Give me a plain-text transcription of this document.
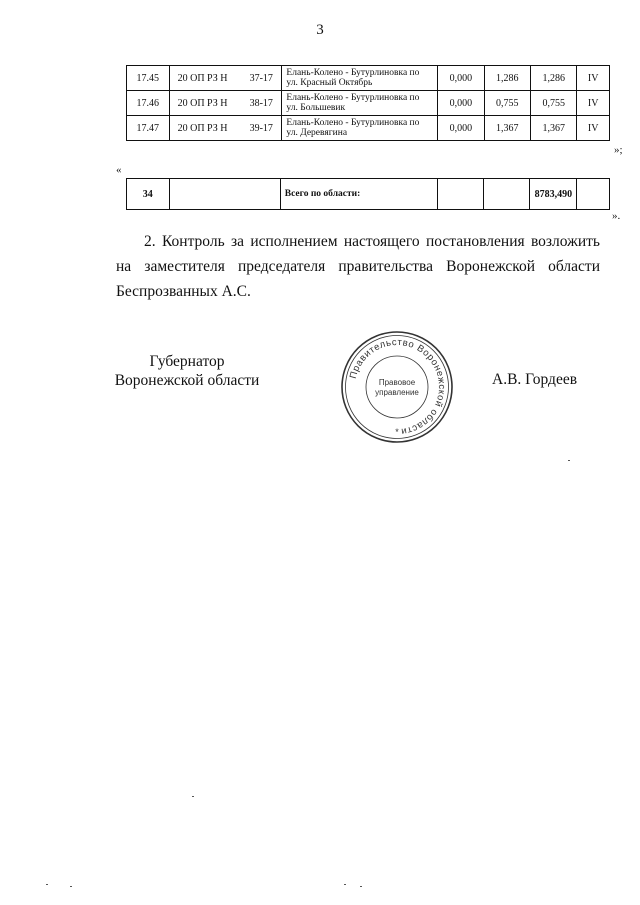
3
17.45	20 ОП РЗ Н 37-17	Елань-Колено - Бутурлиновка по ул. Красный Октябрь	0,000	1,286	1,286	IV
17.46	20 ОП РЗ Н 38-17	Елань-Колено - Бутурлиновка по ул. Большевик	0,000	0,755	0,755	IV
17.47	20 ОП РЗ Н 39-17	Елань-Колено - Бутурлиновка по ул. Деревягина	0,000	1,367	1,367	IV
»;
«
34		Всего по области:			8783,490	
».
2. Контроль за исполнением настоящего постановления возложить на заместителя председателя правительства Воронежской области Беспрозванных А.С.
Губернатор
Воронежской области	Правительство Воронежской области
Правовое
управление
*
А.В. Гордеев
